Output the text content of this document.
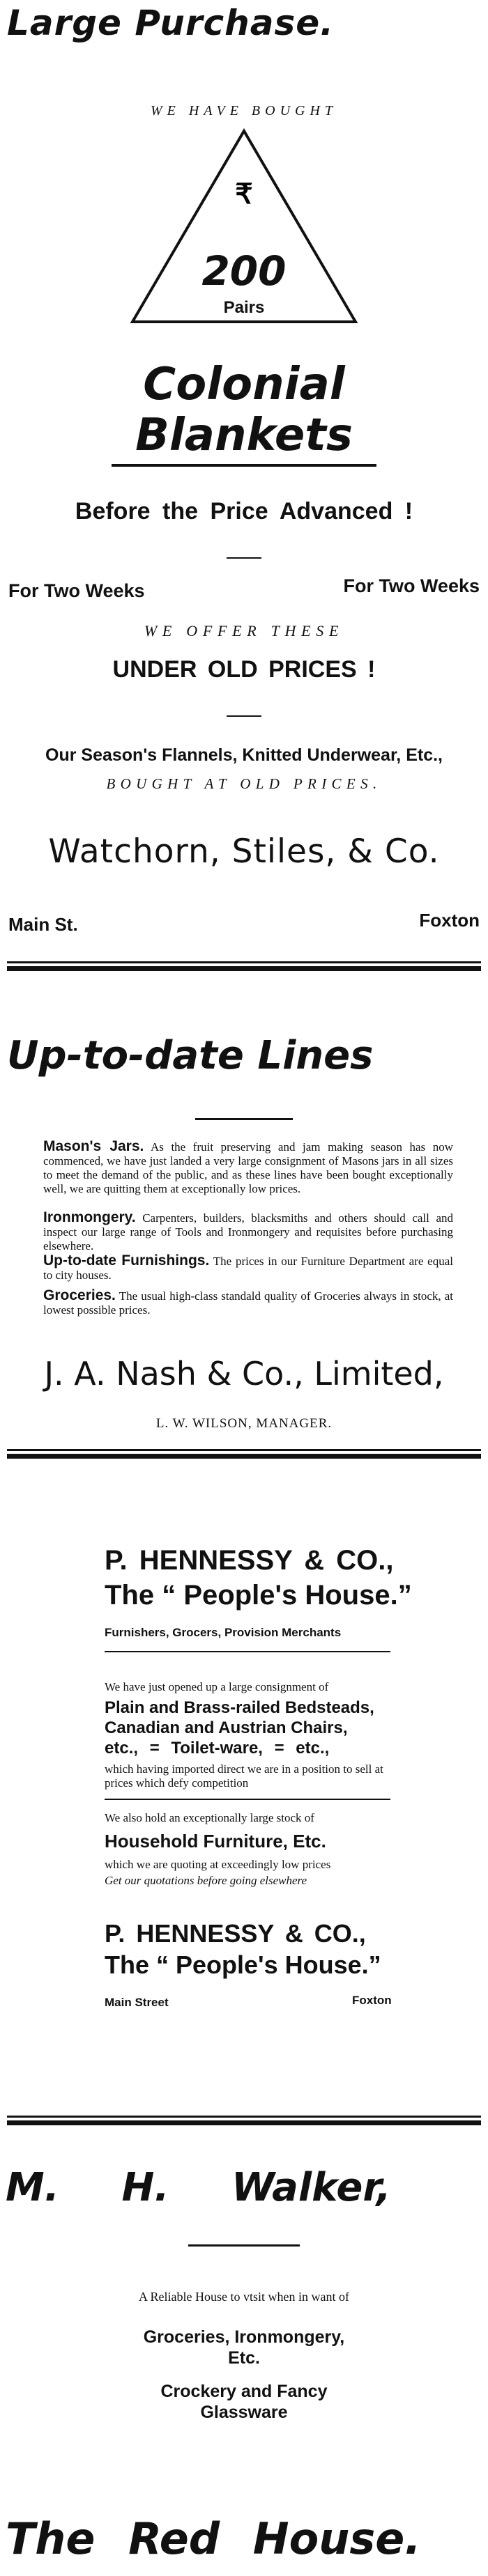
Large Purchase.
WE HAVE BOUGHT
₹
200
Pairs
Colonial
Blankets
Before the Price Advanced !
For Two Weeks	For Two Weeks
WE OFFER THESE
UNDER OLD PRICES !
Our Season's Flannels, Knitted Underwear, Etc.,
BOUGHT AT OLD PRICES.
Watchorn, Stiles, & Co.
Main St.	Foxton
Up-to-date Lines
Mason's Jars. As the fruit preserving and jam making season has now commenced, we have just landed a very large consignment of Masons jars in all sizes to meet the demand of the public, and as these lines have been bought exceptionally well, we are quitting them at exceptionally low prices.
Ironmongery. Carpenters, builders, blacksmiths and others should call and inspect our large range of Tools and Ironmongery and requisites before purchasing elsewhere.
Up-to-date Furnishings. The prices in our Furniture Department are equal to city houses.
Groceries. The usual high-class standald quality of Groceries always in stock, at lowest possible prices.
J. A. Nash & Co., Limited,
L. W. WILSON, MANAGER.
P. HENNESSY & CO.,
The “ People's House.”
Furnishers, Grocers, Provision Merchants
We have just opened up a large consignment of
Plain and Brass-railed Bedsteads,
Canadian and Austrian Chairs,
etc., = Toilet-ware, = etc.,
which having imported direct we are in a position to sell at prices which defy competition
We also hold an exceptionally large stock of
Household Furniture, Etc.
which we are quoting at exceedingly low prices
Get our quotations before going elsewhere
P. HENNESSY & CO.,
The “ People's House.”
Main Street	Foxton
M. H. Walker,
A Reliable House to vtsit when in want of
Groceries, Ironmongery, Etc.
Crockery and Fancy Glassware
The Red House.
